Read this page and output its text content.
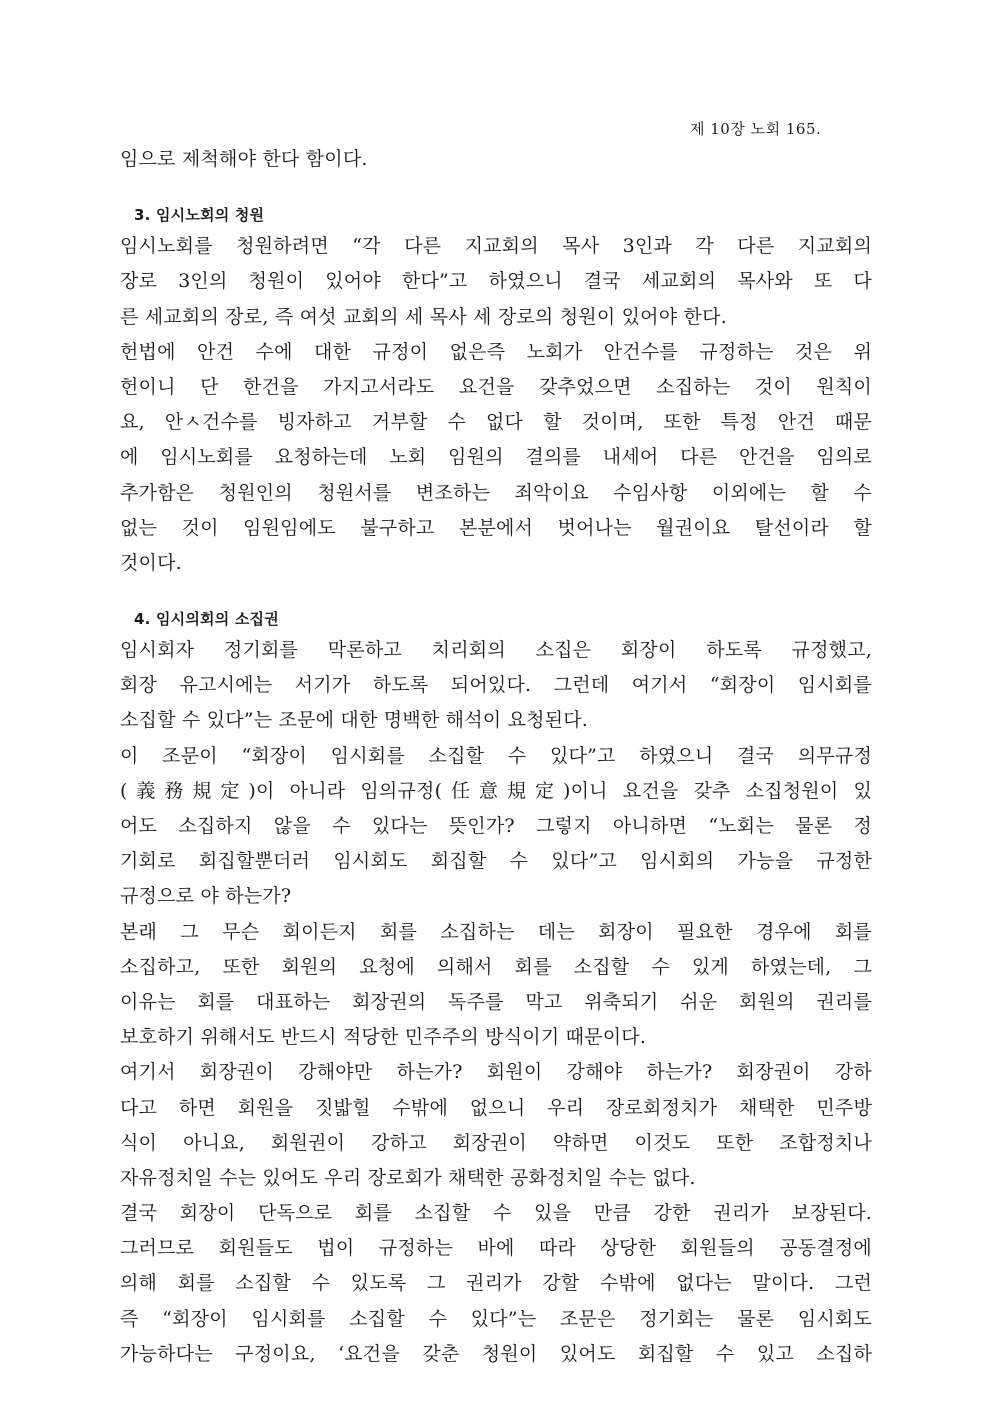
제 10장 노회 165.
임으로 제척해야 한다 함이다.
3. 임시노회의 청원
임시노회를 청원하려면 “각 다른 지교회의 목사 3인과 각 다른 지교회의
장로 3인의 청원이 있어야 한다”고 하였으니 결국 세교회의 목사와 또 다
른 세교회의 장로, 즉 여섯 교회의 세 목사 세 장로의 청원이 있어야 한다.
헌법에 안건 수에 대한 규정이 없은즉 노회가 안건수를 규정하는 것은 위
헌이니 단 한건을 가지고서라도 요건을 갖추었으면 소집하는 것이 원칙이
요, 안ㅅ건수를 빙자하고 거부할 수 없다 할 것이며, 또한 특정 안건 때문
에 임시노회를 요청하는데 노회 임원의 결의를 내세어 다른 안건을 임의로
추가함은 청원인의 청원서를 변조하는 죄악이요 수임사항 이외에는 할 수
없는 것이 임원임에도 불구하고 본분에서 벗어나는 월권이요 탈선이라 할
것이다.
4. 임시의회의 소집권
임시회자 정기회를 막론하고 치리회의 소집은 회장이 하도록 규정했고,
회장 유고시에는 서기가 하도록 되어있다. 그런데 여기서 “회장이 임시회를
소집할 수 있다”는 조문에 대한 명백한 해석이 요청된다.
이 조문이 “회장이 임시회를 소집할 수 있다”고 하였으니 결국 의무규정
(義務規定)이 아니라 임의규정(任意規定)이니 요건을 갖추 소집청원이 있
어도 소집하지 않을 수 있다는 뜻인가? 그렇지 아니하면 “노회는 물론 정
기회로 회집할뿐더러 임시회도 회집할 수 있다”고 임시회의 가능을 규정한
규정으로 야 하는가?
본래 그 무슨 회이든지 회를 소집하는 데는 회장이 필요한 경우에 회를
소집하고, 또한 회원의 요청에 의해서 회를 소집할 수 있게 하였는데, 그
이유는 회를 대표하는 회장권의 독주를 막고 위축되기 쉬운 회원의 권리를
보호하기 위해서도 반드시 적당한 민주주의 방식이기 때문이다.
여기서 회장권이 강해야만 하는가? 회원이 강해야 하는가? 회장권이 강하
다고 하면 회원을 짓밟힐 수밖에 없으니 우리 장로회정치가 채택한 민주방
식이 아니요, 회원권이 강하고 회장권이 약하면 이것도 또한 조합정치나
자유정치일 수는 있어도 우리 장로회가 채택한 공화정치일 수는 없다.
결국 회장이 단독으로 회를 소집할 수 있을 만큼 강한 권리가 보장된다.
그러므로 회원들도 법이 규정하는 바에 따라 상당한 회원들의 공동결정에
의해 회를 소집할 수 있도록 그 권리가 강할 수밖에 없다는 말이다. 그런
즉 “회장이 임시회를 소집할 수 있다”는 조문은 정기회는 물론 임시회도
가능하다는 구정이요, ‘요건을 갖춘 청원이 있어도 회집할 수 있고 소집하
